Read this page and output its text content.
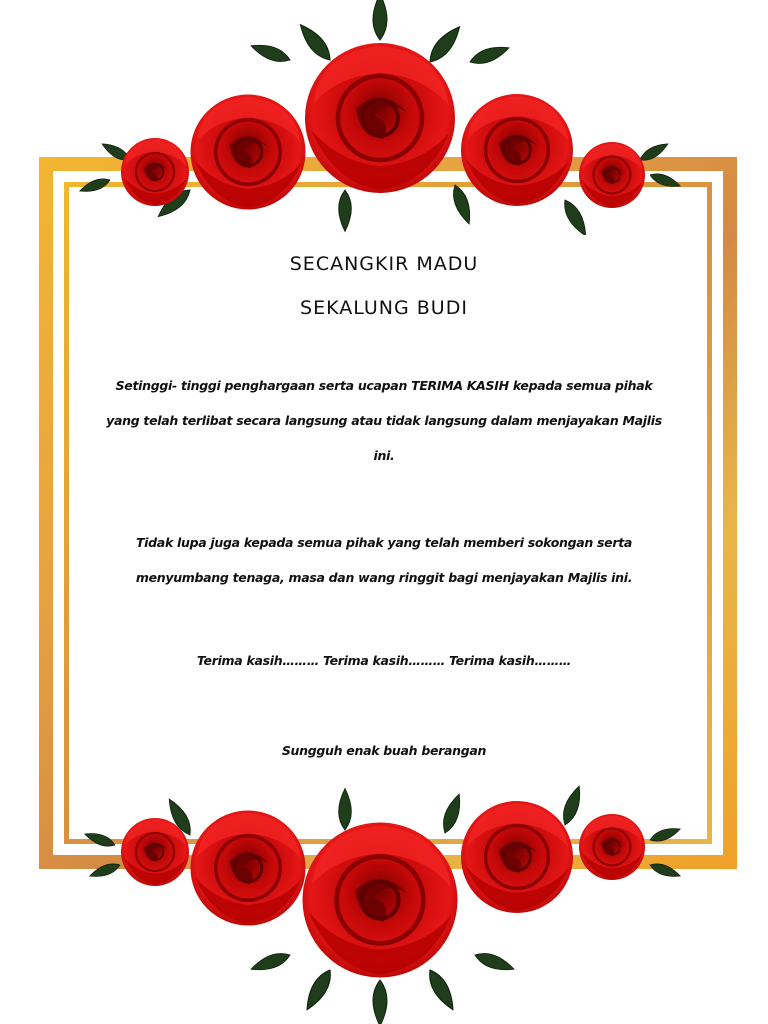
SECANGKIR MADU
SEKALUNG BUDI
Setinggi- tinggi penghargaan serta ucapan TERIMA KASIH kepada semua pihak yang telah terlibat secara langsung atau tidak langsung dalam menjayakan Majlis ini.
Tidak lupa juga kepada semua pihak yang telah memberi sokongan serta menyumbang tenaga, masa dan wang ringgit bagi menjayakan Majlis ini.
Terima kasih……… Terima kasih……… Terima kasih………
Sungguh enak buah berangan
